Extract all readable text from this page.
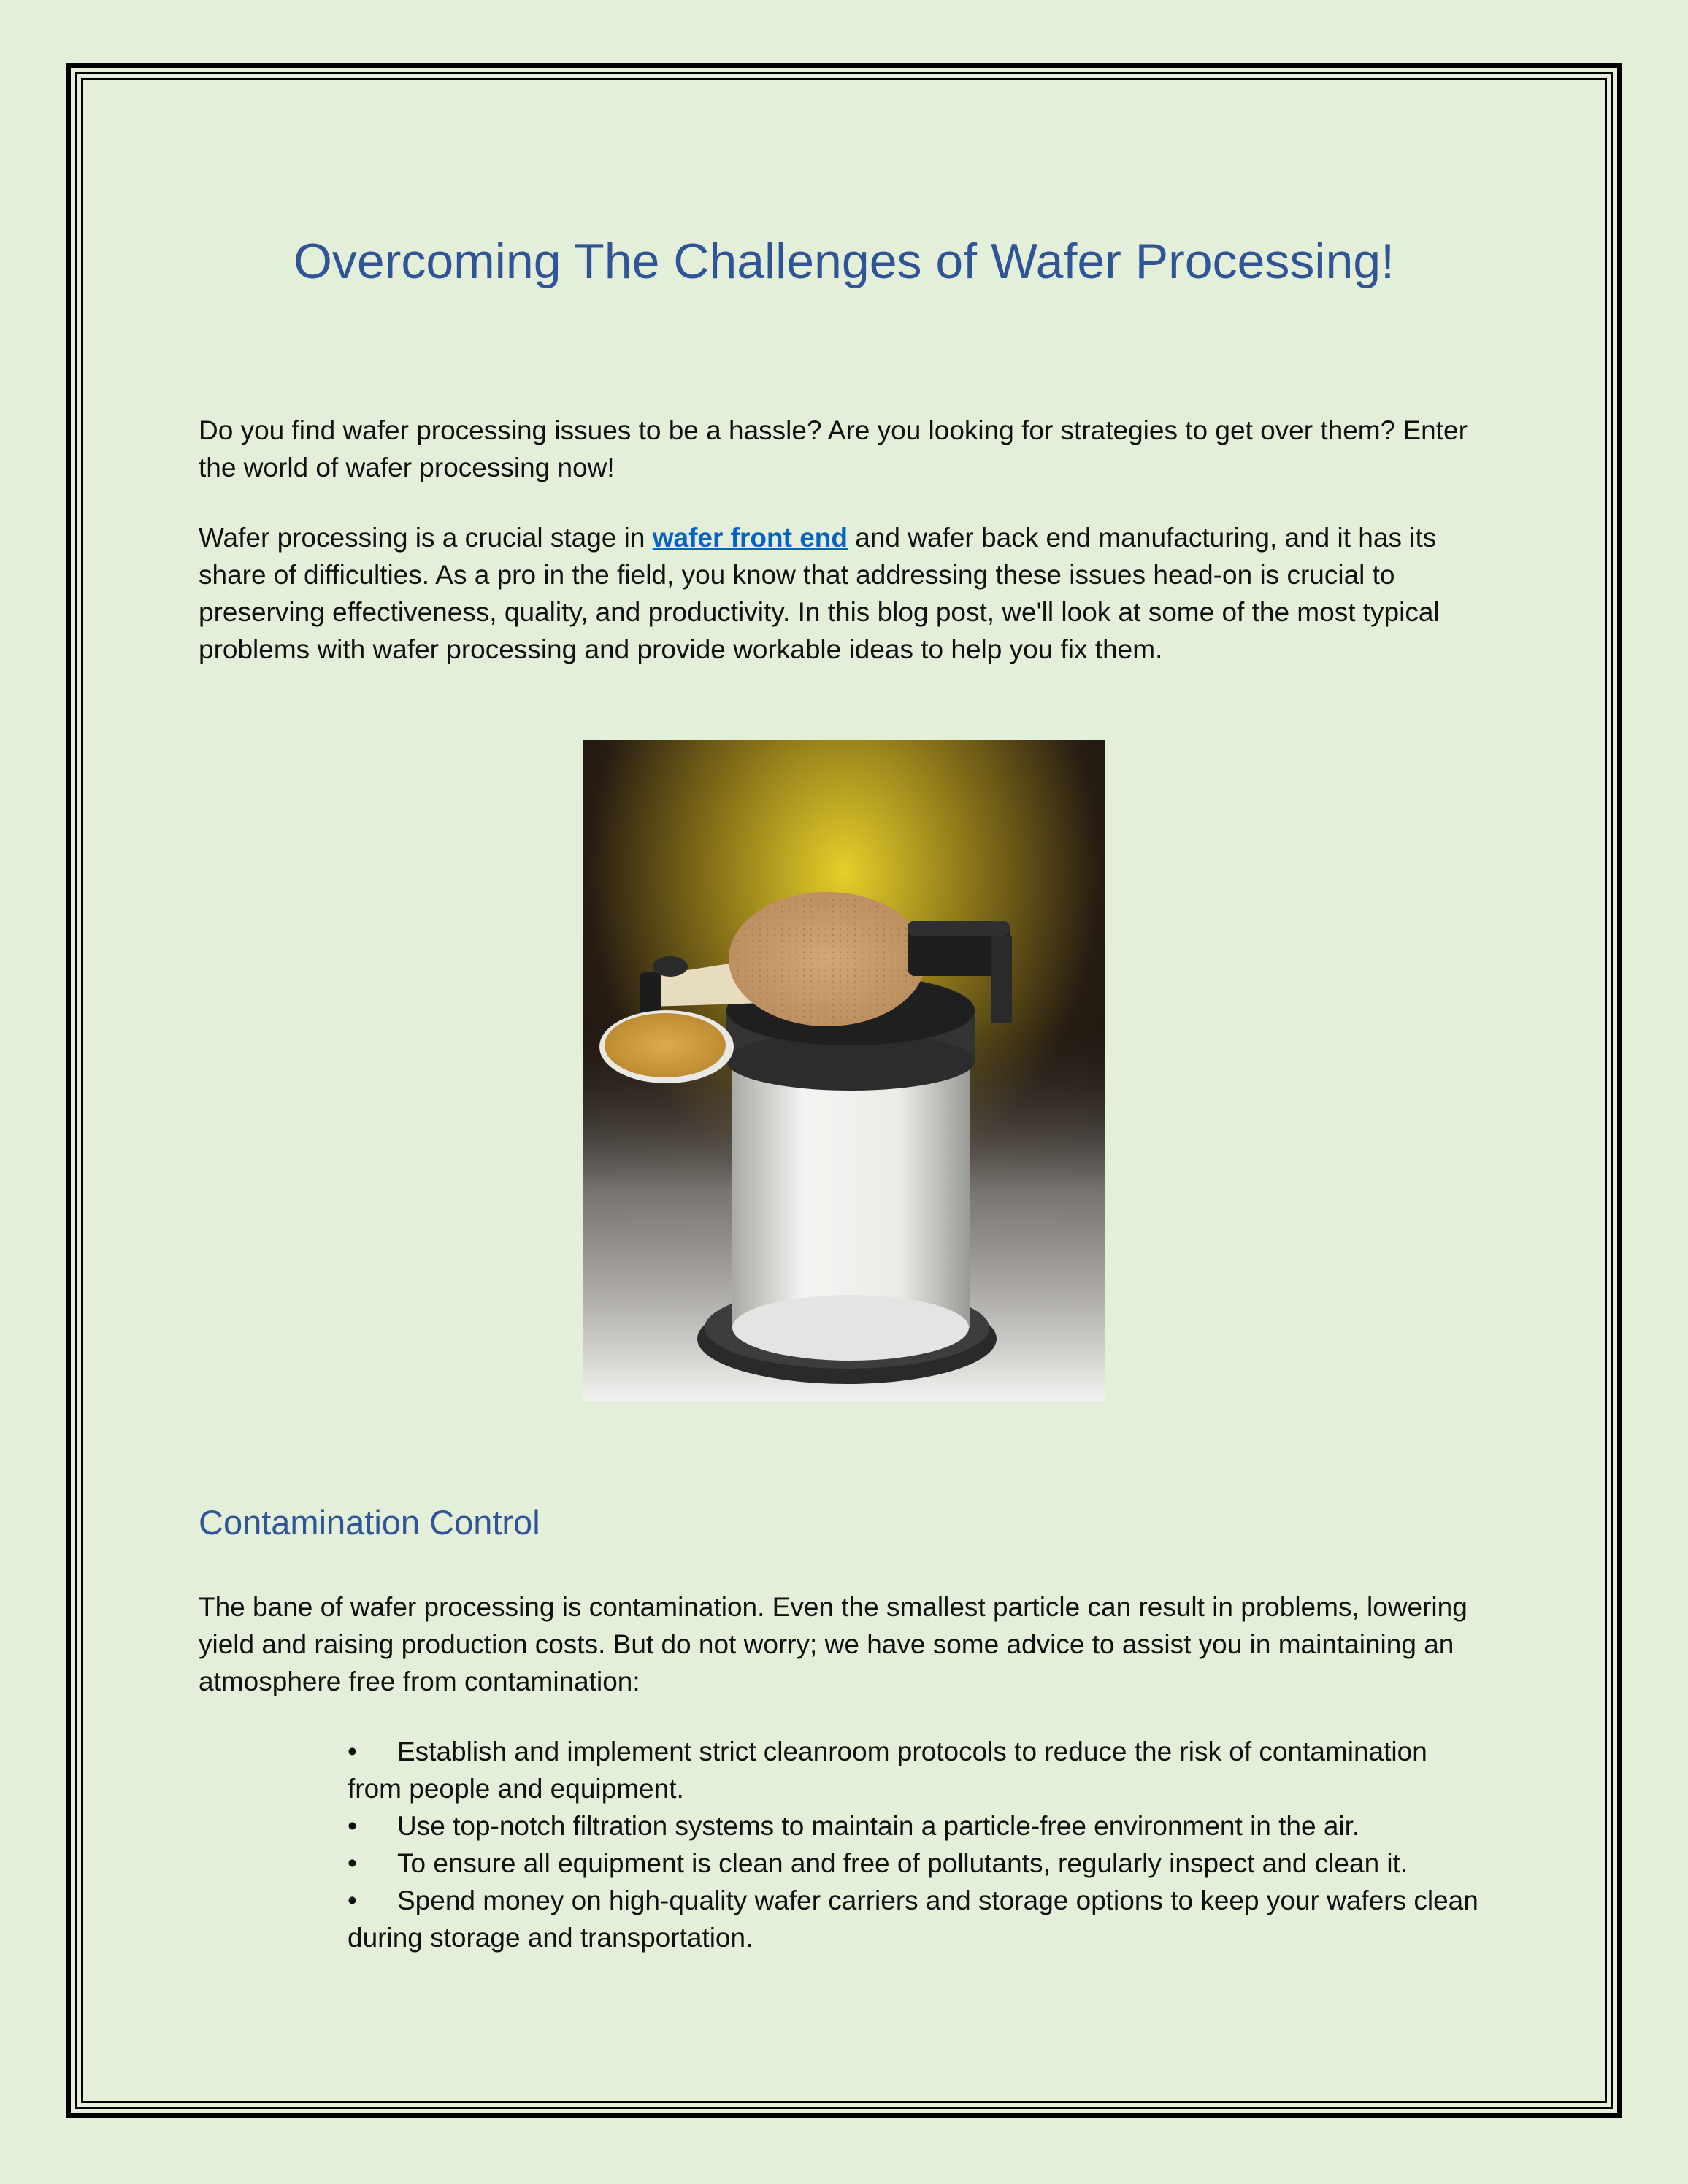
Overcoming The Challenges of Wafer Processing!

Do you find wafer processing issues to be a hassle? Are you looking for strategies to get over them? Enter the world of wafer processing now!

Wafer processing is a crucial stage in wafer front end and wafer back end manufacturing, and it has its share of difficulties. As a pro in the field, you know that addressing these issues head-on is crucial to preserving effectiveness, quality, and productivity. In this blog post, we'll look at some of the most typical problems with wafer processing and provide workable ideas to help you fix them.

Contamination Control

The bane of wafer processing is contamination. Even the smallest particle can result in problems, lowering yield and raising production costs. But do not worry; we have some advice to assist you in maintaining an atmosphere free from contamination:

• Establish and implement strict cleanroom protocols to reduce the risk of contamination from people and equipment.
• Use top-notch filtration systems to maintain a particle-free environment in the air.
• To ensure all equipment is clean and free of pollutants, regularly inspect and clean it.
• Spend money on high-quality wafer carriers and storage options to keep your wafers clean during storage and transportation.
